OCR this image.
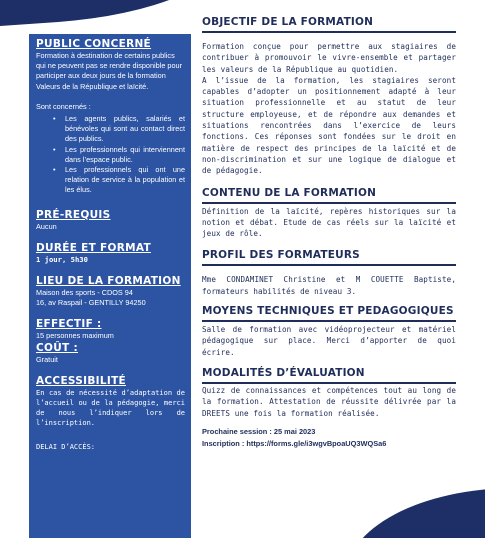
PUBLIC CONCERNÉ
Formation à destination de certains publics qui ne peuvent pas se rendre disponible pour participer aux deux jours de la formation Valeurs de la République et laïcité.
Sont concernés :
• Les agents publics, salariés et bénévoles qui sont au contact direct des publics.
• Les professionnels qui interviennent dans l’espace public.
• Les professionnels qui ont une relation de service à la population et les élus.
PRÉ-REQUIS
Aucun
DURÉE ET FORMAT
1 jour, 5h30
LIEU DE LA FORMATION
Maison des sports - CDOS 94
16, av Raspail - GENTILLY 94250
EFFECTIF :
15 personnes maximum
COÛT :
Gratuit
ACCESSIBILITÉ
En cas de nécessité d’adaptation de l’accueil ou de la pédagogie, merci de nous l’indiquer lors de l’inscription.
DELAI D’ACCÈS:
OBJECTIF DE LA FORMATION
Formation conçue pour permettre aux stagiaires de contribuer à promouvoir le vivre-ensemble et partager les valeurs de la République au quotidien.
A l’issue de la formation, les stagiaires seront capables d’adopter un positionnement adapté à leur situation professionnelle et au statut de leur structure employeuse, et de répondre aux demandes et situations rencontrées dans l’exercice de leurs fonctions. Ces réponses sont fondées sur le droit en matière de respect des principes de la laïcité et de non-discrimination et sur une logique de dialogue et de pédagogie.
CONTENU DE LA FORMATION
Définition de la laïcité, repères historiques sur la notion et débat. Etude de cas réels sur la laïcité et jeux de rôle.
PROFIL DES FORMATEURS
Mme CONDAMINET Christine et M COUETTE Baptiste, formateurs habilités de niveau 3.
MOYENS TECHNIQUES ET PEDAGOGIQUES
Salle de formation avec vidéoprojecteur et matériel pédagogique sur place. Merci d’apporter de quoi écrire.
MODALITÉS D’ÉVALUATION
Quizz de connaissances et compétences tout au long de la formation. Attestation de réussite délivrée par la DREETS une fois la formation réalisée.
Prochaine session : 25 mai 2023
Inscription : https://forms.gle/i3wgvBpoaUQ3WQSa6
